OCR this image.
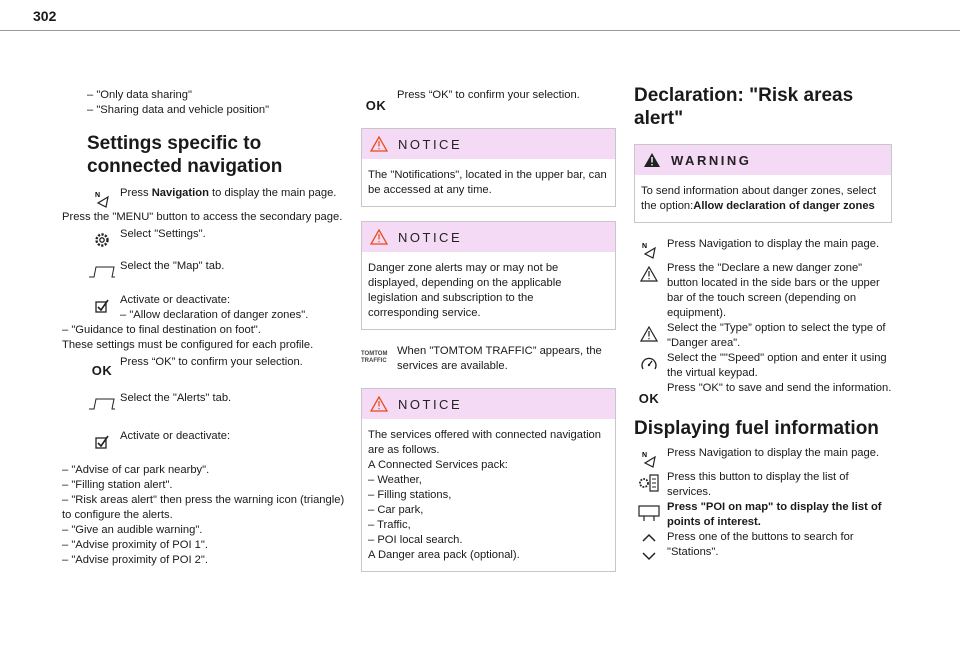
302

– "Only data sharing"

– "Sharing data and vehicle position"

Settings specific to connected navigation
N Press Navigation to display the main page.

Press the "MENU" button to access the secondary page.

Select "Settings".
Select the "Map" tab.
Activate or deactivate:
– "Allow declaration of danger zones".

– "Guidance to final destination on foot".

These settings must be configured for each profile.

OK
Press “OK” to confirm your selection.
Select the "Alerts" tab.
Activate or deactivate:

– "Advise of car park nearby".

– "Filling station alert".

– "Risk areas alert" then press the warning icon (triangle) to configure the alerts.

– "Give an audible warning".

– "Advise proximity of POI 1".

– "Advise proximity of POI 2".

OK
Press “OK” to confirm your selection.
NOTICE
The "Notifications", located in the upper bar, can be accessed at any time.
NOTICE
Danger zone alerts may or may not be displayed, depending on the applicable legislation and subscription to the corresponding service.
TOMTOM
TRAFFIC
When "TOMTOM TRAFFIC” appears, the services are available.
NOTICE

The services offered with connected navigation are as follows.

A Connected Services pack:

– Weather,

– Filling stations,

– Car park,

– Traffic,

– POI local search.

A Danger area pack (optional).

Declaration: "Risk areas alert"
WARNING
To send information about danger zones, select the option:Allow declaration of danger zones
N Press Navigation to display the main page.
Press the "Declare a new danger zone" button located in the side bars or the upper bar of the touch screen (depending on equipment).
Select the "Type” option to select the type of "Danger area".
Select the ""Speed" option and enter it using the virtual keypad.
OK
Press "OK" to save and send the information.
Displaying fuel information
N Press Navigation to display the main page.
Press this button to display the list of services.
Press "POI on map" to display the list of points of interest.
Press one of the buttons to search for "Stations".
